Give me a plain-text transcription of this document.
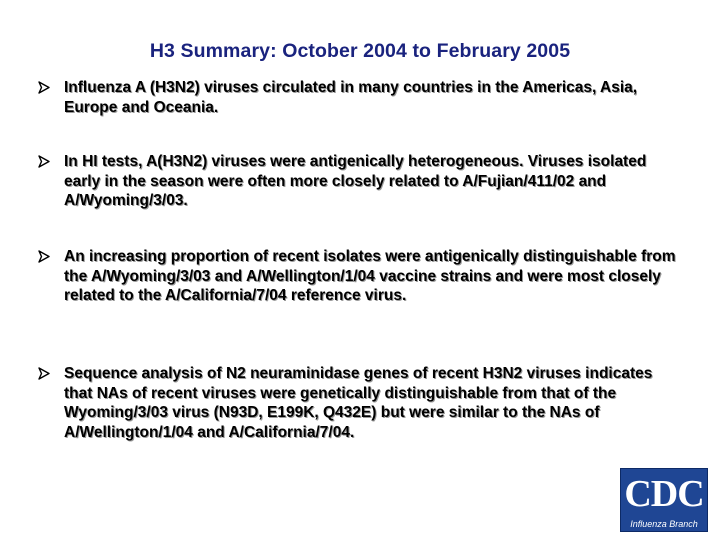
H3 Summary: October 2004 to February 2005
Influenza A (H3N2) viruses circulated in many countries in the Americas, Asia, Europe and Oceania.
In HI tests, A(H3N2) viruses were antigenically heterogeneous. Viruses isolated early in the season were often more closely related to A/Fujian/411/02 and A/Wyoming/3/03.
An increasing proportion of recent isolates were antigenically distinguishable from the A/Wyoming/3/03 and A/Wellington/1/04 vaccine strains and were most closely related to the A/California/7/04 reference virus.
Sequence analysis of N2 neuraminidase genes of recent H3N2 viruses indicates that NAs of recent viruses were genetically distinguishable from that of the Wyoming/3/03 virus (N93D, E199K, Q432E) but were similar to the NAs of A/Wellington/1/04 and A/California/7/04.
CDC
Influenza Branch
